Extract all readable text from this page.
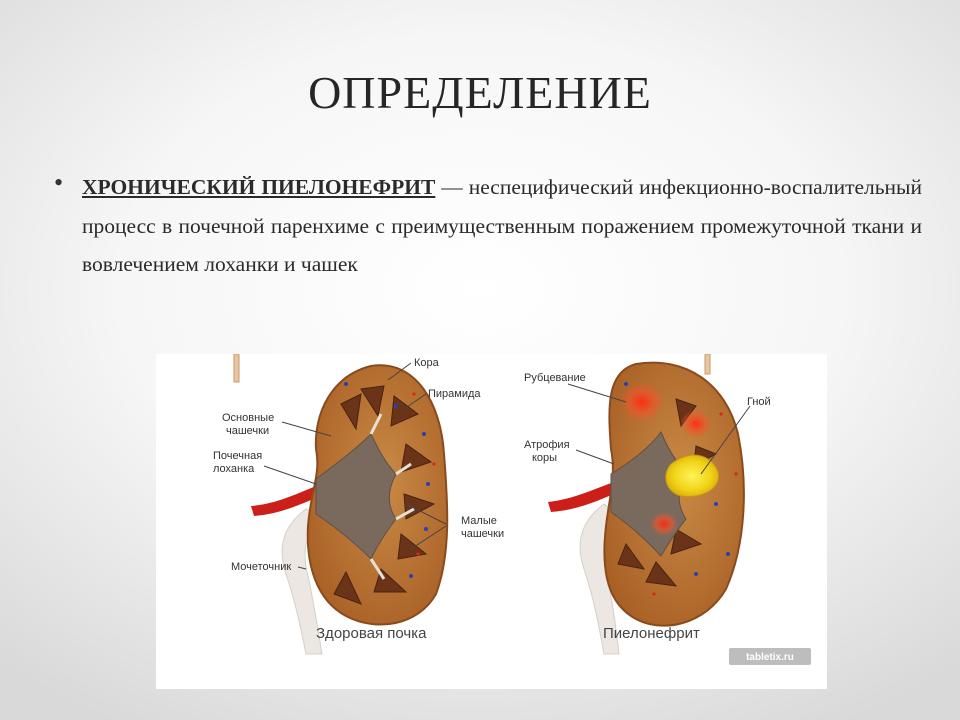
ОПРЕДЕЛЕНИЕ
• ХРОНИЧЕСКИЙ ПИЕЛОНЕФРИТ — неспецифический инфекционно-воспалительный процесс в почечной паренхиме с преимущественным поражением промежуточной ткани и вовлечением лоханки и чашек
Кора
Пирамида
Основные
чашечки
Почечная
лоханка
Малые
чашечки
Мочеточник
Здоровая почка
Рубцевание
Гной
Атрофия
коры
Пиелонефрит
tabletix.ru
